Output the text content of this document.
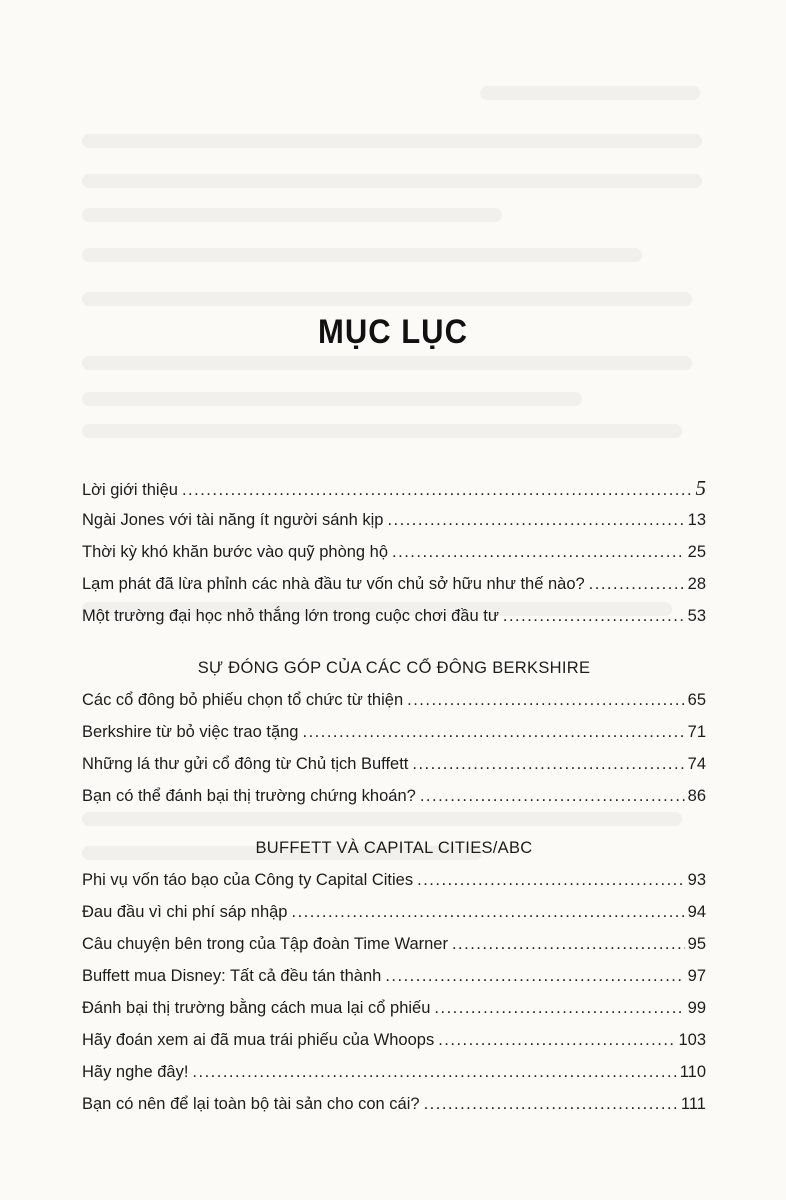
MỤC LỤC
Lời giới thiệu .....	5
Ngài Jones với tài năng ít người sánh kịp .....	13
Thời kỳ khó khăn bước vào quỹ phòng hộ .....	25
Lạm phát đã lừa phỉnh các nhà đầu tư vốn chủ sở hữu như thế nào? .....	28
Một trường đại học nhỏ thắng lớn trong cuộc chơi đầu tư .....	53
SỰ ĐÓNG GÓP CỦA CÁC CỔ ĐÔNG BERKSHIRE
Các cổ đông bỏ phiếu chọn tổ chức từ thiện .....	65
Berkshire từ bỏ việc trao tặng .....	71
Những lá thư gửi cổ đông từ Chủ tịch Buffett .....	74
Bạn có thể đánh bại thị trường chứng khoán? .....	86
BUFFETT VÀ CAPITAL CITIES/ABC
Phi vụ vốn táo bạo của Công ty Capital Cities .....	93
Đau đầu vì chi phí sáp nhập .....	94
Câu chuyện bên trong của Tập đoàn Time Warner .....	95
Buffett mua Disney: Tất cả đều tán thành .....	97
Đánh bại thị trường bằng cách mua lại cổ phiếu .....	99
Hãy đoán xem ai đã mua trái phiếu của Whoops .....	103
Hãy nghe đây! .....	110
Bạn có nên để lại toàn bộ tài sản cho con cái? .....	111
